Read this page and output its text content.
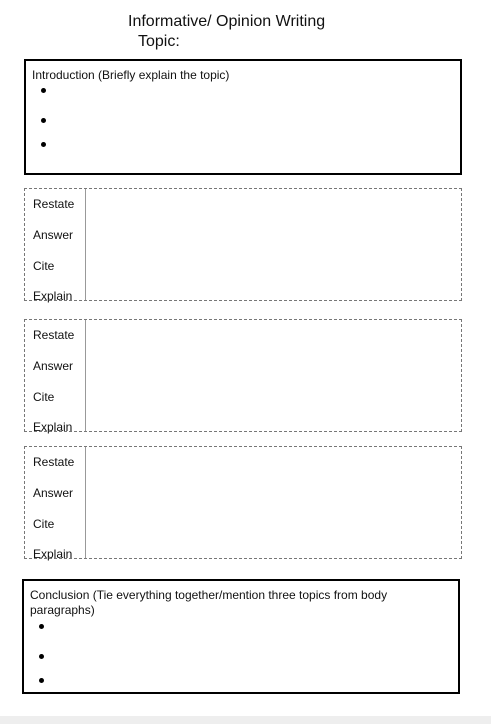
Informative/ Opinion Writing
Topic:
Introduction (Briefly explain the topic)
Restate
Answer
Cite
Explain
Restate
Answer
Cite
Explain
Restate
Answer
Cite
Explain
Conclusion (Tie everything together/mention three topics from body paragraphs)
